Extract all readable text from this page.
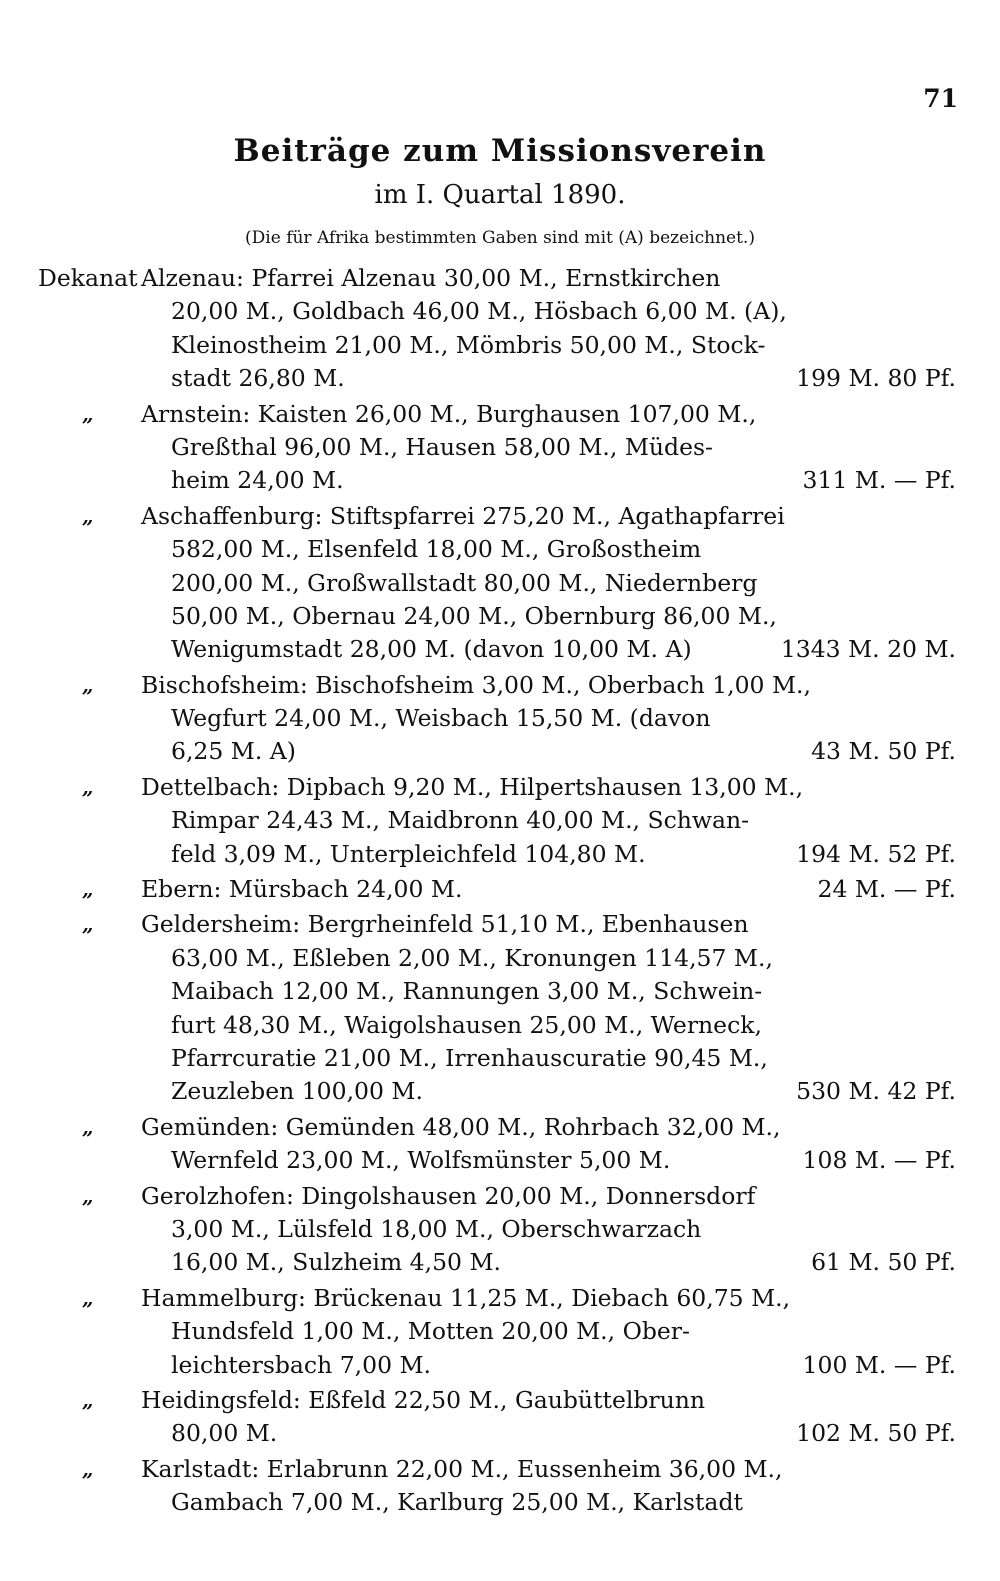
71
Beiträge zum Missionsverein
im I. Quartal 1890.
(Die für Afrika bestimmten Gaben sind mit (A) bezeichnet.)
Dekanat Alzenau: Pfarrei Alzenau 30,00 M., Ernstkirchen
20,00 M., Goldbach 46,00 M., Hösbach 6,00 M. (A),
Kleinostheim 21,00 M., Mömbris 50,00 M., Stock-
stadt 26,80 M.	199 M. 80 Pf.
„ Arnstein: Kaisten 26,00 M., Burghausen 107,00 M.,
Greßthal 96,00 M., Hausen 58,00 M., Müdes-
heim 24,00 M.	311 M. — Pf.
„ Aschaffenburg: Stiftspfarrei 275,20 M., Agathapfarrei
582,00 M., Elsenfeld 18,00 M., Großostheim
200,00 M., Großwallstadt 80,00 M., Niedernberg
50,00 M., Obernau 24,00 M., Obernburg 86,00 M.,
Wenigumstadt 28,00 M. (davon 10,00 M. A)	1343 M. 20 M.
„ Bischofsheim: Bischofsheim 3,00 M., Oberbach 1,00 M.,
Wegfurt 24,00 M., Weisbach 15,50 M. (davon
6,25 M. A)	43 M. 50 Pf.
„ Dettelbach: Dipbach 9,20 M., Hilpertshausen 13,00 M.,
Rimpar 24,43 M., Maidbronn 40,00 M., Schwan-
feld 3,09 M., Unterpleichfeld 104,80 M.	194 M. 52 Pf.
„ Ebern: Mürsbach 24,00 M.	24 M. — Pf.
„ Geldersheim: Bergrheinfeld 51,10 M., Ebenhausen
63,00 M., Eßleben 2,00 M., Kronungen 114,57 M.,
Maibach 12,00 M., Rannungen 3,00 M., Schwein-
furt 48,30 M., Waigolshausen 25,00 M., Werneck,
Pfarrcuratie 21,00 M., Irrenhauscuratie 90,45 M.,
Zeuzleben 100,00 M.	530 M. 42 Pf.
„ Gemünden: Gemünden 48,00 M., Rohrbach 32,00 M.,
Wernfeld 23,00 M., Wolfsmünster 5,00 M.	108 M. — Pf.
„ Gerolzhofen: Dingolshausen 20,00 M., Donnersdorf
3,00 M., Lülsfeld 18,00 M., Oberschwarzach
16,00 M., Sulzheim 4,50 M.	61 M. 50 Pf.
„ Hammelburg: Brückenau 11,25 M., Diebach 60,75 M.,
Hundsfeld 1,00 M., Motten 20,00 M., Ober-
leichtersbach 7,00 M.	100 M. — Pf.
„ Heidingsfeld: Eßfeld 22,50 M., Gaubüttelbrunn
80,00 M.	102 M. 50 Pf.
„ Karlstadt: Erlabrunn 22,00 M., Eussenheim 36,00 M.,
Gambach 7,00 M., Karlburg 25,00 M., Karlstadt
